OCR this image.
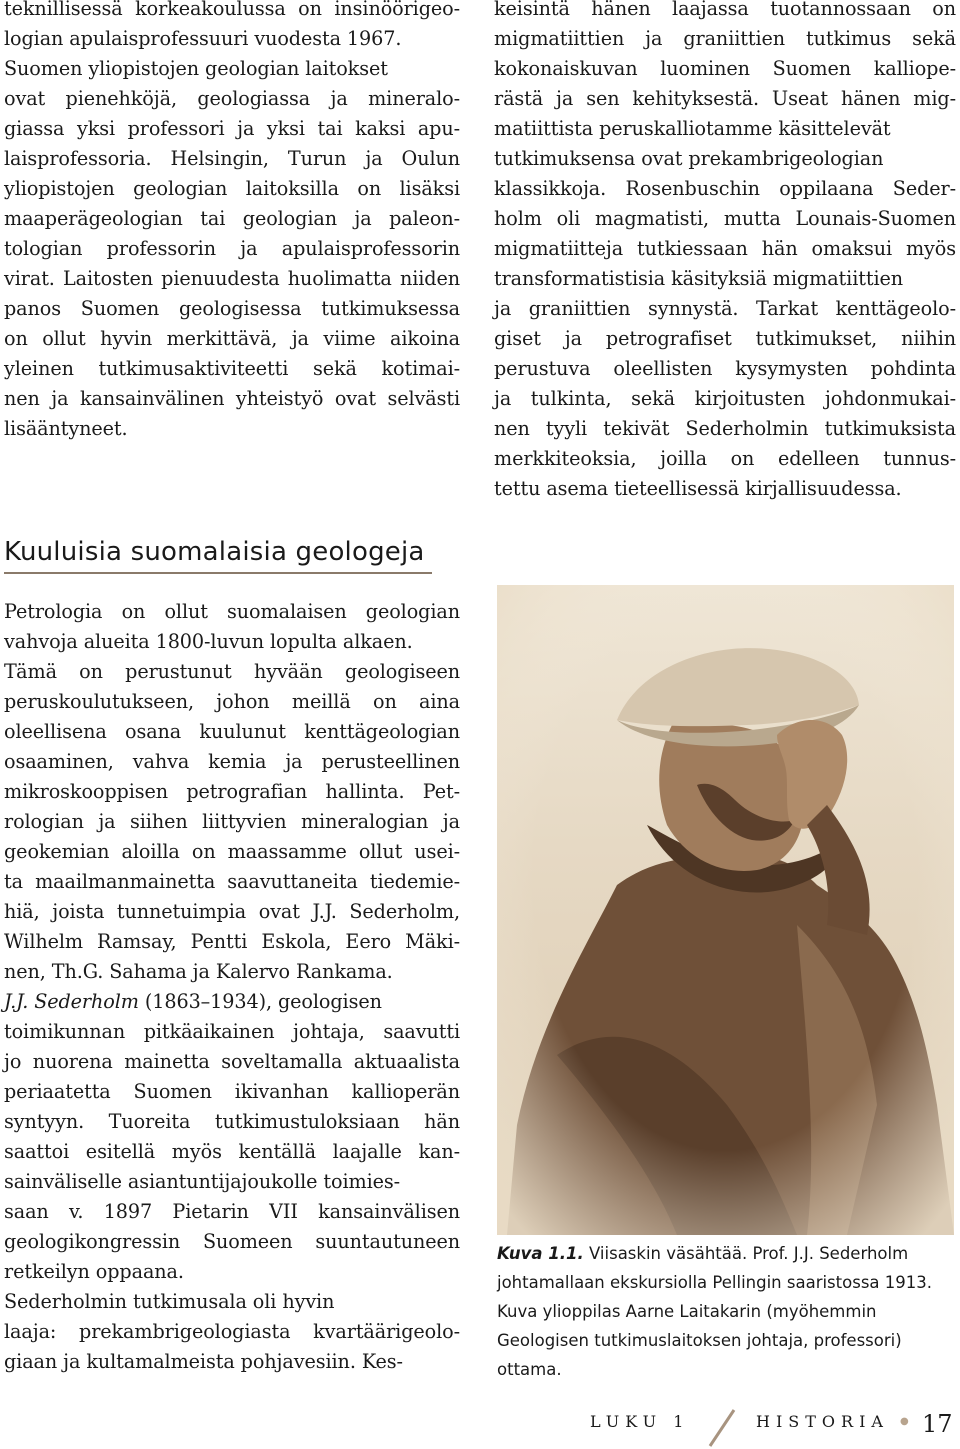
teknillisessä korkeakoulussa on insinöörigeo-
logian apulaisprofessuuri vuodesta 1967.
Suomen yliopistojen geologian laitokset
ovat pienehköjä, geologiassa ja mineralo-
giassa yksi professori ja yksi tai kaksi apu-
laisprofessoria. Helsingin, Turun ja Oulun
yliopistojen geologian laitoksilla on lisäksi
maaperägeologian tai geologian ja paleon-
tologian professorin ja apulaisprofessorin
virat. Laitosten pienuudesta huolimatta niiden
panos Suomen geologisessa tutkimuksessa
on ollut hyvin merkittävä, ja viime aikoina
yleinen tutkimusaktiviteetti sekä kotimai-
nen ja kansainvälinen yhteistyö ovat selvästi
lisääntyneet.
Kuuluisia suomalaisia geologeja
Petrologia on ollut suomalaisen geologian
vahvoja alueita 1800-luvun lopulta alkaen.
Tämä on perustunut hyvään geologiseen
peruskoulutukseen, johon meillä on aina
oleellisena osana kuulunut kenttägeologian
osaaminen, vahva kemia ja perusteellinen
mikroskooppisen petrografian hallinta. Pet-
rologian ja siihen liittyvien mineralogian ja
geokemian aloilla on maassamme ollut usei-
ta maailmanmainetta saavuttaneita tiedemie-
hiä, joista tunnetuimpia ovat J.J. Sederholm,
Wilhelm Ramsay, Pentti Eskola, Eero Mäki-
nen, Th.G. Sahama ja Kalervo Rankama.
J.J. Sederholm (1863–1934), geologisen
toimikunnan pitkäaikainen johtaja, saavutti
jo nuorena mainetta soveltamalla aktuaalista
periaatetta Suomen ikivanhan kallioperän
syntyyn. Tuoreita tutkimustuloksiaan hän
saattoi esitellä myös kentällä laajalle kan-
sainväliselle asiantuntijajoukolle toimies-
saan v. 1897 Pietarin VII kansainvälisen
geologikongressin Suomeen suuntautuneen
retkeilyn oppaana.
Sederholmin tutkimusala oli hyvin
laaja: prekambrigeologiasta kvartäärigeolo-
giaan ja kultamalmeista pohjavesiin. Kes-
keisintä hänen laajassa tuotannossaan on
migmatiittien ja graniittien tutkimus sekä
kokonaiskuvan luominen Suomen kalliope-
rästä ja sen kehityksestä. Useat hänen mig-
matiittista peruskalliotamme käsittelevät
tutkimuksensa ovat prekambrigeologian
klassikkoja. Rosenbuschin oppilaana Seder-
holm oli magmatisti, mutta Lounais-Suomen
migmatiitteja tutkiessaan hän omaksui myös
transformatistisia käsityksiä migmatiittien
ja graniittien synnystä. Tarkat kenttägeolo-
giset ja petrografiset tutkimukset, niihin
perustuva oleellisten kysymysten pohdinta
ja tulkinta, sekä kirjoitusten johdonmukai-
nen tyyli tekivät Sederholmin tutkimuksista
merkkiteoksia, joilla on edelleen tunnus-
tettu asema tieteellisessä kirjallisuudessa.
Kuva 1.1. Viisaskin väsähtää. Prof. J.J. Sederholm
johtamallaan ekskursiolla Pellingin saaristossa 1913.
Kuva ylioppilas Aarne Laitakarin (myöhemmin
Geologisen tutkimuslaitoksen johtaja, professori)
ottama.
LUKU 1	HISTORIA ● 17
